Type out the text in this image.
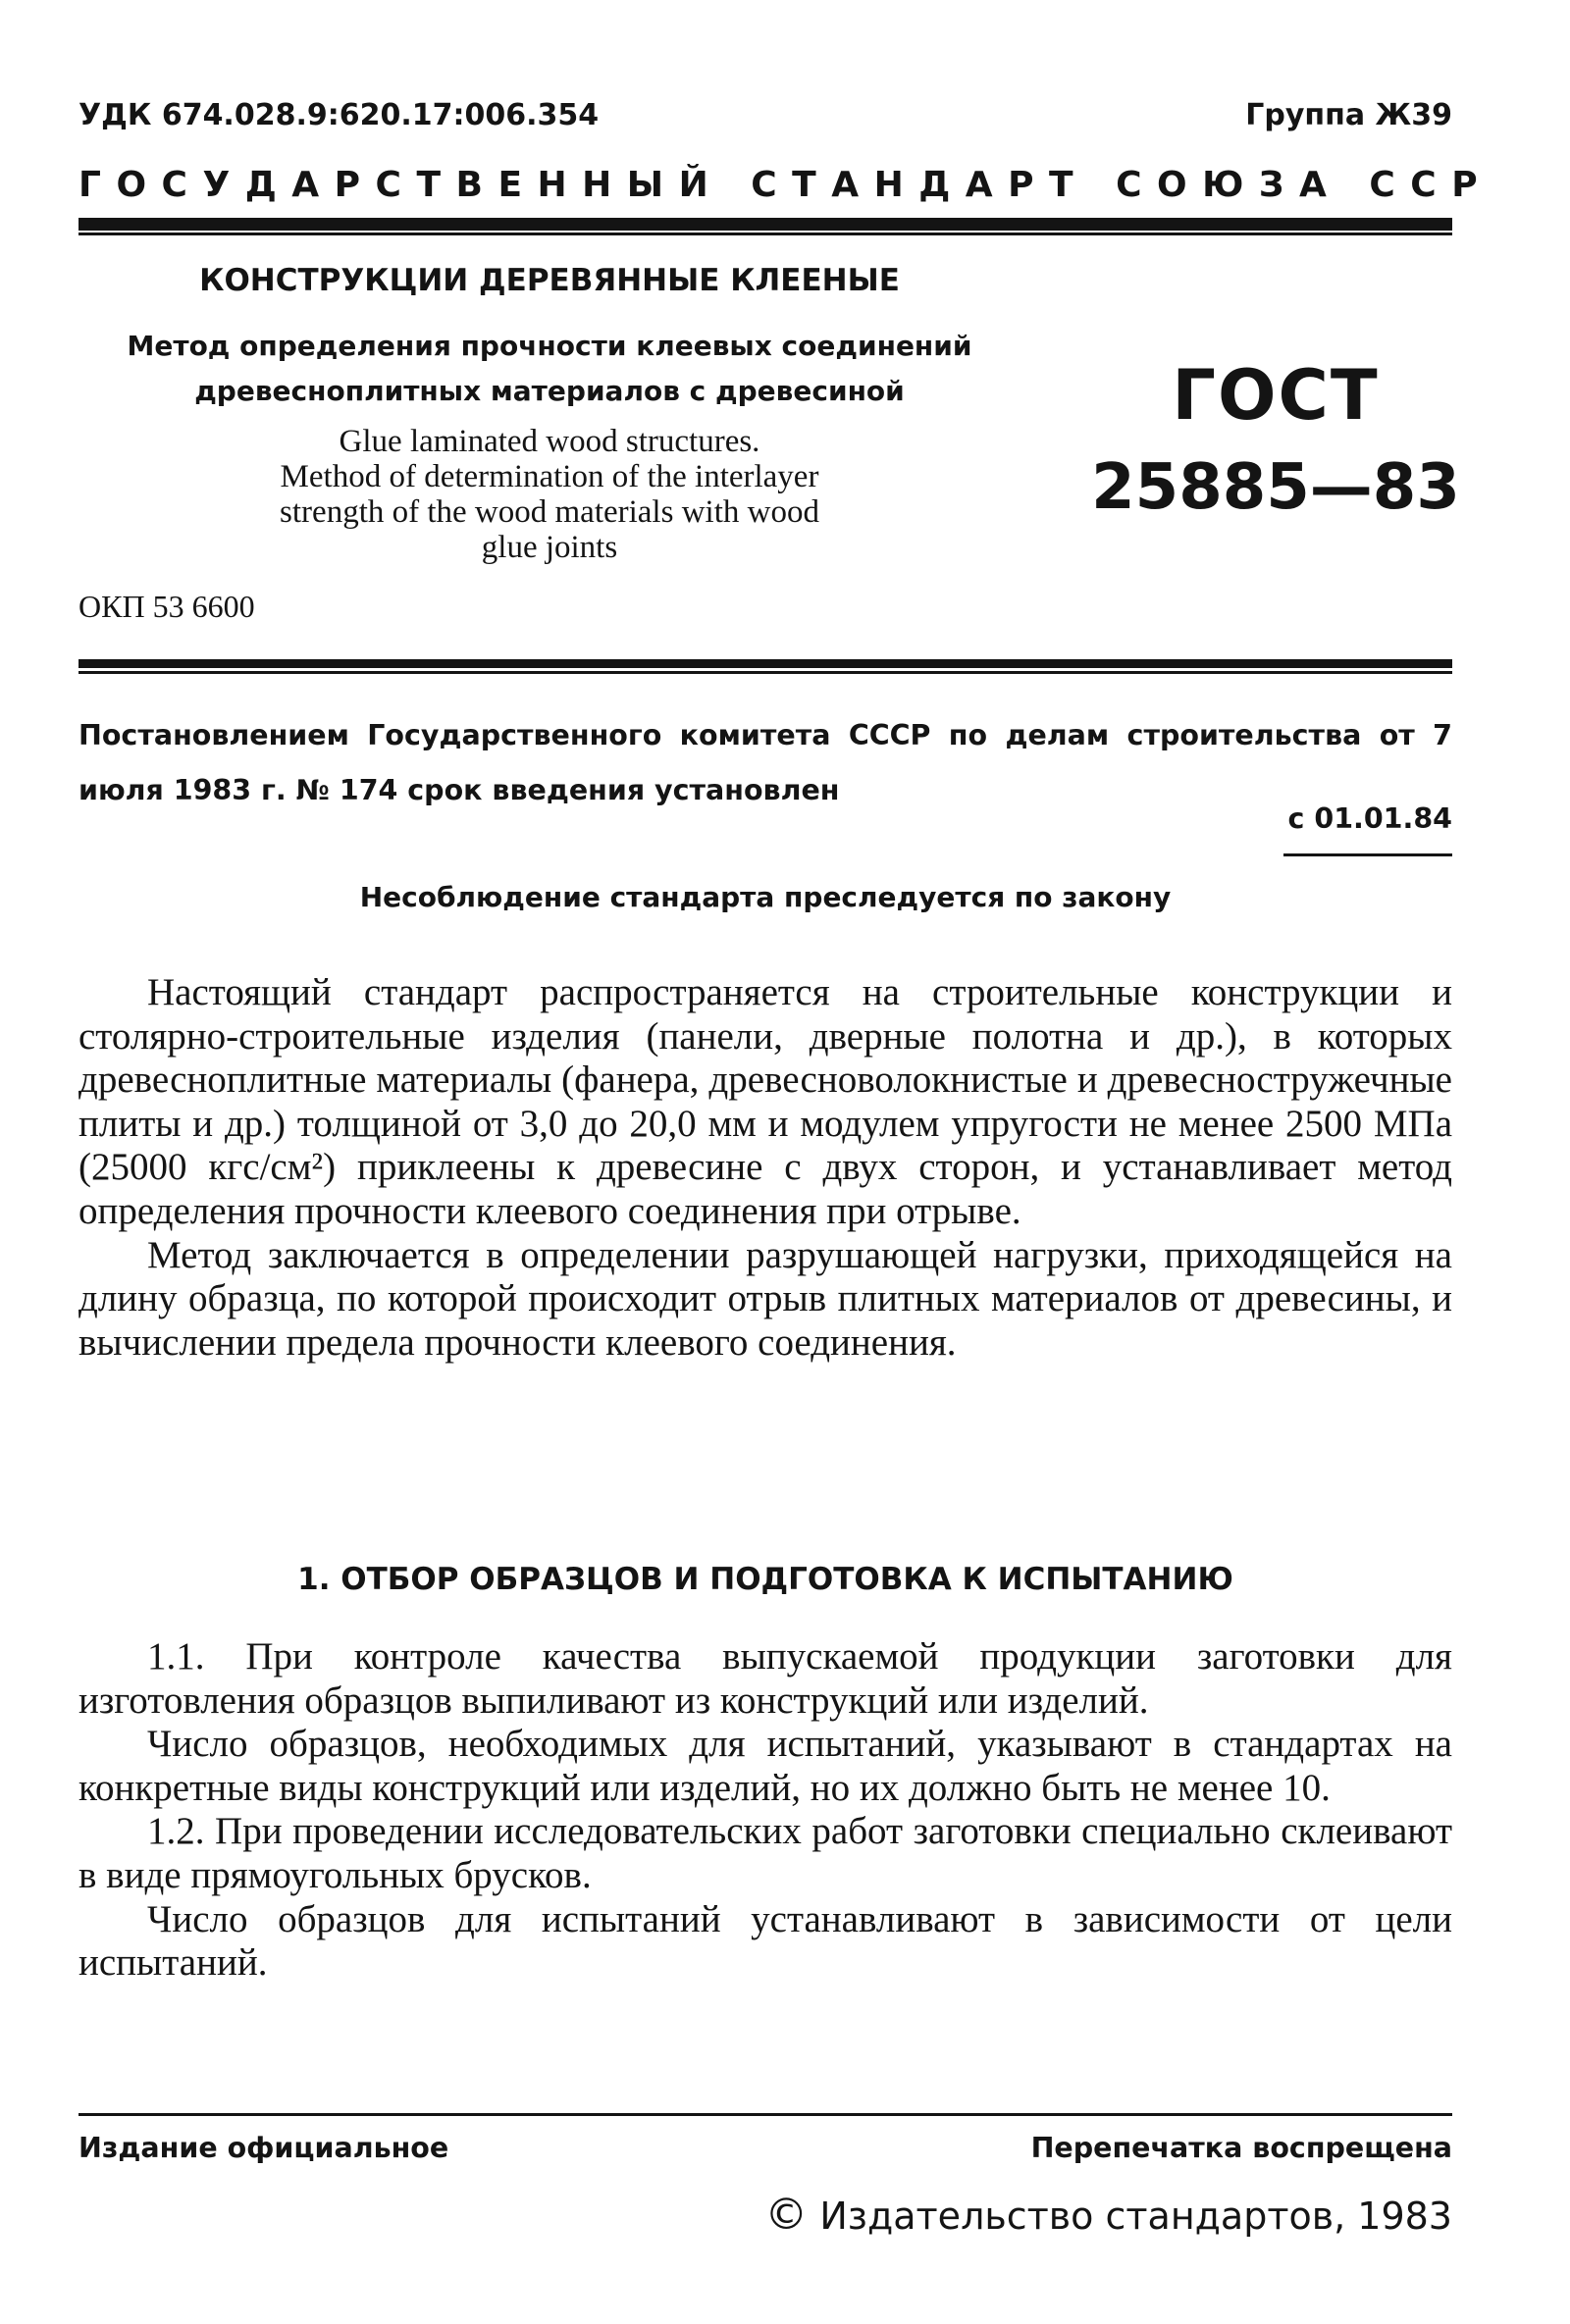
УДК 674.028.9:620.17:006.354	Группа Ж39
ГОСУДАРСТВЕННЫЙ СТАНДАРТ СОЮЗА ССР
КОНСТРУКЦИИ ДЕРЕВЯННЫЕ КЛЕЕНЫЕ
Метод определения прочности клеевых соединений
древесноплитных материалов с древесиной
Glue laminated wood structures.
Method of determination of the interlayer
strength of the wood materials with wood
glue joints
ОКП 53 6600
ГОСТ
25885—83
Постановлением Государственного комитета СССР по делам строительства от 7 июля 1983 г. № 174 срок введения установлен
с 01.01.84
Несоблюдение стандарта преследуется по закону

Настоящий стандарт распространяется на строительные конструкции и столярно-строительные изделия (панели, дверные полотна и др.), в которых древесноплитные материалы (фанера, древесноволокнистые и древесностружечные плиты и др.) толщиной от 3,0 до 20,0 мм и модулем упругости не менее 2500 МПа (25000 кгс/см²) приклеены к древесине с двух сторон, и устанавливает метод определения прочности клеевого соединения при отрыве.

Метод заключается в определении разрушающей нагрузки, приходящейся на длину образца, по которой происходит отрыв плитных материалов от древесины, и вычислении предела прочности клеевого соединения.

1. ОТБОР ОБРАЗЦОВ И ПОДГОТОВКА К ИСПЫТАНИЮ

1.1. При контроле качества выпускаемой продукции заготовки для изготовления образцов выпиливают из конструкций или изделий.

Число образцов, необходимых для испытаний, указывают в стандартах на конкретные виды конструкций или изделий, но их должно быть не менее 10.

1.2. При проведении исследовательских работ заготовки специально склеивают в виде прямоугольных брусков.

Число образцов для испытаний устанавливают в зависимости от цели испытаний.

Издание официальное	Перепечатка воспрещена
© Издательство стандартов, 1983
